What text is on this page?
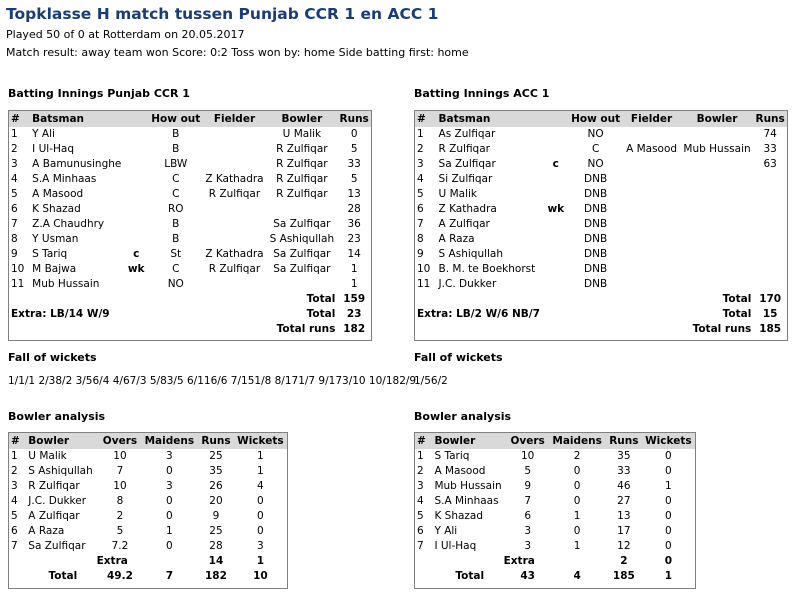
Topklasse H match tussen Punjab CCR 1 en ACC 1
Played 50 of 0 at Rotterdam on 20.05.2017
Match result: away team won Score: 0:2 Toss won by: home Side batting first: home
Batting Innings Punjab CCR 1
#	Batsman		How out	Fielder	Bowler	Runs
1	Y Ali		B		U Malik	0
2	I Ul-Haq		B		R Zulfiqar	5
3	A Bamunusinghe		LBW		R Zulfiqar	33
4	S.A Minhaas		C	Z Kathadra	R Zulfiqar	5
5	A Masood		C	R Zulfiqar	R Zulfiqar	13
6	K Shazad		RO			28
7	Z.A Chaudhry		B		Sa Zulfiqar	36
8	Y Usman		B		S Ashiqullah	23
9	S Tariq	c	St	Z Kathadra	Sa Zulfiqar	14
10	M Bajwa	wk	C	R Zulfiqar	Sa Zulfiqar	1
11	Mub Hussain		NO			1
	Total					159
Extra: LB/14 W/9				Total		23
				Total runs		182
Fall of wickets
1/1/1 2/38/2 3/56/4 4/67/3 5/83/5 6/116/6 7/151/8 8/171/7 9/173/10 10/182/9
Bowler analysis
#	Bowler	Overs	Maidens	Runs	Wickets
1	U Malik	10	3	25	1
2	S Ashiqullah	7	0	35	1
3	R Zulfiqar	10	3	26	4
4	J.C. Dukker	8	0	20	0
5	A Zulfiqar	2	0	9	0
6	A Raza	5	1	25	0
7	Sa Zulfiqar	7.2	0	28	3
	Extra			14	1
	Total	49.2	7	182	10
Batting Innings ACC 1
#	Batsman		How out	Fielder	Bowler	Runs
1	As Zulfiqar		NO			74
2	R Zulfiqar		C	A Masood	Mub Hussain	33
3	Sa Zulfiqar	c	NO			63
4	Si Zulfiqar		DNB			
5	U Malik		DNB			
6	Z Kathadra	wk	DNB			
7	A Zulfiqar		DNB			
8	A Raza		DNB			
9	S Ashiqullah		DNB			
10	B. M. te Boekhorst		DNB			
11	J.C. Dukker		DNB			
	Total					170
Extra: LB/2 W/6 NB/7				Total		15
				Total runs		185
Fall of wickets
1/56/2
Bowler analysis
#	Bowler	Overs	Maidens	Runs	Wickets
1	S Tariq	10	2	35	0
2	A Masood	5	0	33	0
3	Mub Hussain	9	0	46	1
4	S.A Minhaas	7	0	27	0
5	K Shazad	6	1	13	0
6	Y Ali	3	0	17	0
7	I Ul-Haq	3	1	12	0
	Extra			2	0
	Total	43	4	185	1
